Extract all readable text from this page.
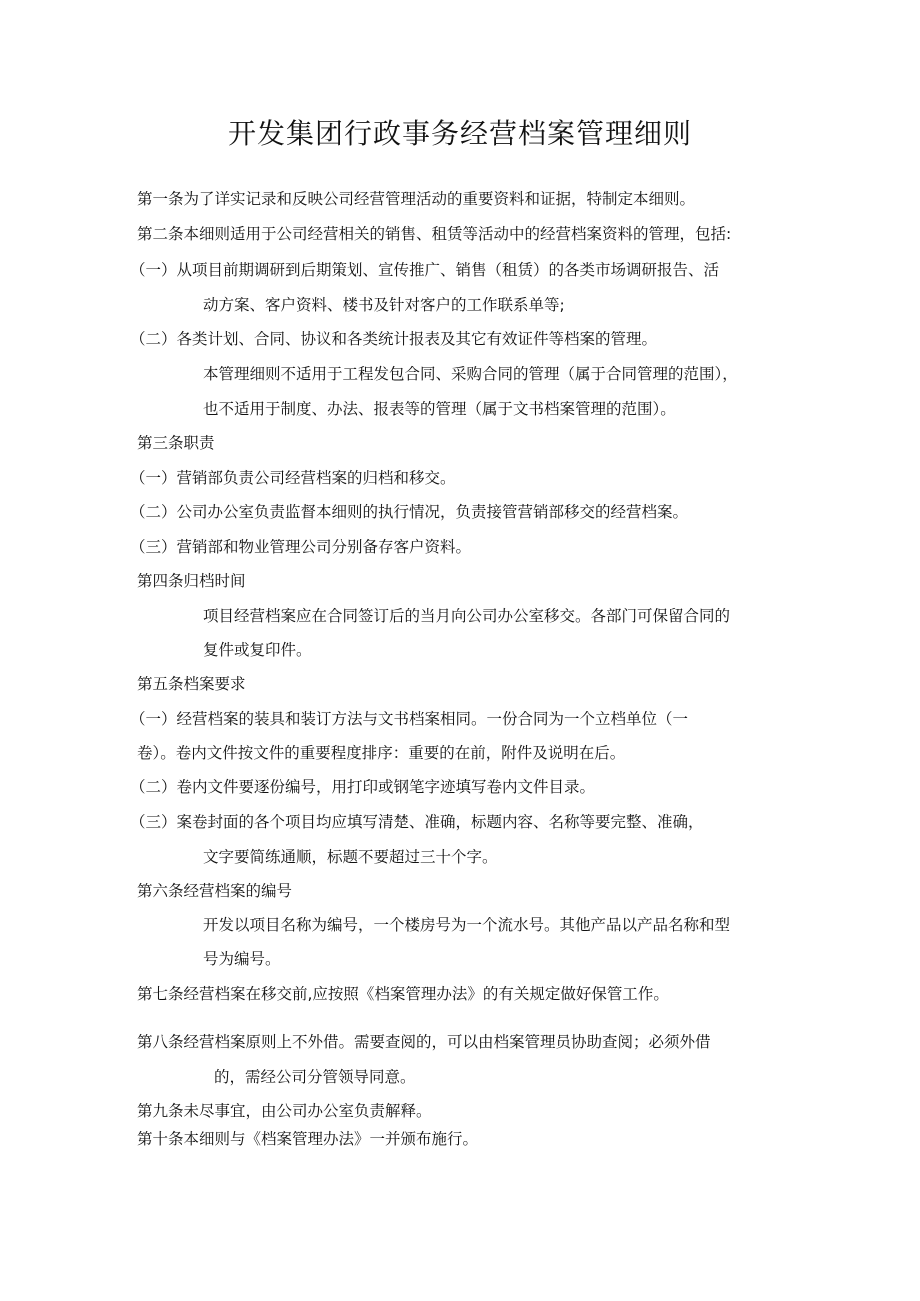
开发集团行政事务经营档案管理细则
第一条为了详实记录和反映公司经营管理活动的重要资料和证据，特制定本细则。
第二条本细则适用于公司经营相关的销售、租赁等活动中的经营档案资料的管理，包括:
（一）从项目前期调研到后期策划、宣传推广、销售（租赁）的各类市场调研报告、活
动方案、客户资料、楼书及针对客户的工作联系单等;
（二）各类计划、合同、协议和各类统计报表及其它有效证件等档案的管理。
本管理细则不适用于工程发包合同、采购合同的管理（属于合同管理的范围），
也不适用于制度、办法、报表等的管理（属于文书档案管理的范围）。
第三条职责
（一）营销部负责公司经营档案的归档和移交。
（二）公司办公室负责监督本细则的执行情况，负责接管营销部移交的经营档案。
（三）营销部和物业管理公司分别备存客户资料。
第四条归档时间
项目经营档案应在合同签订后的当月向公司办公室移交。各部门可保留合同的
复件或复印件。
第五条档案要求
（一）经营档案的装具和装订方法与文书档案相同。一份合同为一个立档单位（一
卷）。卷内文件按文件的重要程度排序：重要的在前，附件及说明在后。
（二）卷内文件要逐份编号，用打印或钢笔字迹填写卷内文件目录。
（三）案卷封面的各个项目均应填写清楚、准确，标题内容、名称等要完整、准确，
文字要简练通顺，标题不要超过三十个字。
第六条经营档案的编号
开发以项目名称为编号，一个楼房号为一个流水号。其他产品以产品名称和型
号为编号。
第七条经营档案在移交前,应按照《档案管理办法》的有关规定做好保管工作。
第八条经营档案原则上不外借。需要查阅的，可以由档案管理员协助查阅；必须外借
的，需经公司分管领导同意。
第九条未尽事宜，由公司办公室负责解释。
第十条本细则与《档案管理办法》一并颁布施行。
